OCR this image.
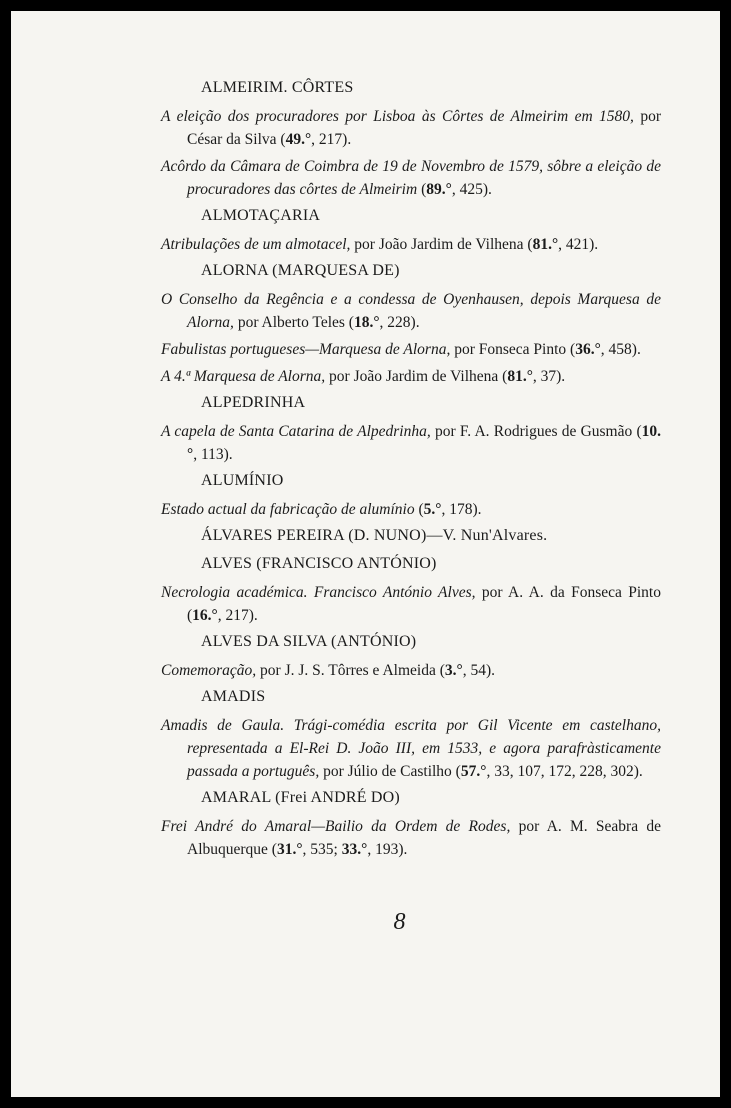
ALMEIRIM. CÔRTES
A eleição dos procuradores por Lisboa às Côrtes de Almeirim em 1580, por César da Silva (49.°, 217).
Acôrdo da Câmara de Coimbra de 19 de Novembro de 1579, sôbre a eleição de procuradores das côrtes de Almeirim (89.°, 425).
ALMOTAÇARIA
Atribulações de um almotacel, por João Jardim de Vilhena (81.°, 421).
ALORNA (MARQUESA DE)
O Conselho da Regência e a condessa de Oyenhausen, depois Marquesa de Alorna, por Alberto Teles (18.°, 228).
Fabulistas portugueses—Marquesa de Alorna, por Fonseca Pinto (36.°, 458).
A 4.ª Marquesa de Alorna, por João Jardim de Vilhena (81.°, 37).
ALPEDRINHA
A capela de Santa Catarina de Alpedrinha, por F. A. Rodrigues de Gusmão (10.°, 113).
ALUMÍNIO
Estado actual da fabricação de alumínio (5.°, 178).
ÁLVARES PEREIRA (D. NUNO)—V. Nun'Alvares.
ALVES (FRANCISCO ANTÓNIO)
Necrologia académica. Francisco António Alves, por A. A. da Fonseca Pinto (16.°, 217).
ALVES DA SILVA (ANTÓNIO)
Comemoração, por J. J. S. Tôrres e Almeida (3.°, 54).
AMADIS
Amadis de Gaula. Trági-comédia escrita por Gil Vicente em castelhano, representada a El-Rei D. João III, em 1533, e agora parafràsticamente passada a português, por Júlio de Castilho (57.°, 33, 107, 172, 228, 302).
AMARAL (Frei ANDRÉ DO)
Frei André do Amaral—Bailio da Ordem de Rodes, por A. M. Seabra de Albuquerque (31.°, 535; 33.°, 193).
8
